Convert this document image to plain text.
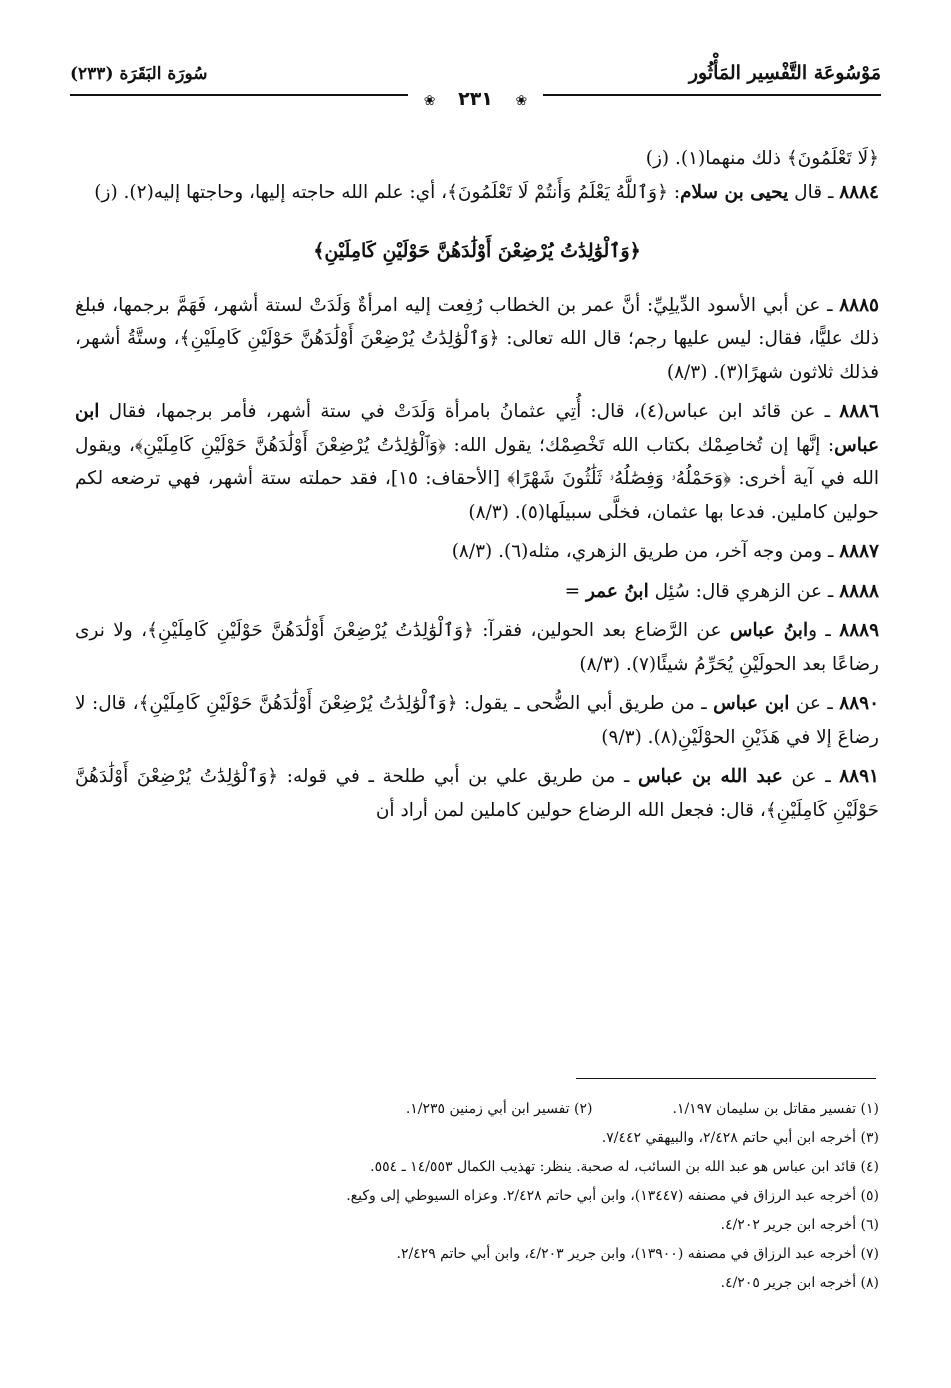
مَوْسُوعَة التَّفْسِير المَأْثُور
سُورَة البَقَرَة
(٢٣٣)
❀ ٢٣١ ❀

﴿لَا تَعْلَمُونَ﴾ ذلك منهما(١). (ز)

٨٨٨٤ ـ قال يحيى بن سلام: ﴿وَٱللَّهُ يَعْلَمُ وَأَنتُمْ لَا تَعْلَمُونَ﴾، أي: علم الله حاجته إليها، وحاجتها إليه(٢). (ز)

﴿وَٱلْوَٰلِدَٰتُ يُرْضِعْنَ أَوْلَٰدَهُنَّ حَوْلَيْنِ كَامِلَيْنِ﴾

٨٨٨٥ ـ عن أبي الأسود الدِّيلِيِّ: أنَّ عمر بن الخطاب رُفِعت إليه امرأةٌ وَلَدَتْ لستة أشهر، فَهَمَّ برجمها، فبلغ ذلك عليًّا، فقال: ليس عليها رجم؛ قال الله تعالى: ﴿وَٱلْوَٰلِدَٰتُ يُرْضِعْنَ أَوْلَٰدَهُنَّ حَوْلَيْنِ كَامِلَيْنِ﴾، وستَّةُ أشهر، فذلك ثلاثون شهرًا(٣). (٨/٣)

٨٨٨٦ ـ عن قائد ابن عباس(٤)، قال: أُتِي عثمانُ بامرأة وَلَدَتْ في ستة أشهر، فأمر برجمها، فقال ابن عباس: إنَّها إن تُخاصِمْك بكتاب الله تَخْصِمْك؛ يقول الله: ﴿وَٱلْوَٰلِدَٰتُ يُرْضِعْنَ أَوْلَٰدَهُنَّ حَوْلَيْنِ كَامِلَيْنِ﴾، ويقول الله في آية أخرى: ﴿وَحَمْلُهُۥ وَفِصَٰلُهُۥ ثَلَٰثُونَ شَهْرًا﴾ [الأحقاف: ١٥]، فقد حملته ستة أشهر، فهي ترضعه لكم حولين كاملين. فدعا بها عثمان، فخلَّى سبيلَها(٥). (٨/٣)

٨٨٨٧ ـ ومن وجه آخر، من طريق الزهري، مثله(٦). (٨/٣)

٨٨٨٨ ـ عن الزهري قال: سُئِل ابنُ عمر =

٨٨٨٩ ـ وابنُ عباس عن الرَّضاع بعد الحولين، فقرآ: ﴿وَٱلْوَٰلِدَٰتُ يُرْضِعْنَ أَوْلَٰدَهُنَّ حَوْلَيْنِ كَامِلَيْنِ﴾، ولا نرى رضاعًا بعد الحولَيْنِ يُحَرِّمُ شيئًا(٧). (٨/٣)

٨٨٩٠ ـ عن ابن عباس ـ من طريق أبي الضُّحى ـ يقول: ﴿وَٱلْوَٰلِدَٰتُ يُرْضِعْنَ أَوْلَٰدَهُنَّ حَوْلَيْنِ كَامِلَيْنِ﴾، قال: لا رضاعَ إلا في هَذَيْنِ الحوْلَيْنِ(٨). (٩/٣)

٨٨٩١ ـ عن عبد الله بن عباس ـ من طريق علي بن أبي طلحة ـ في قوله: ﴿وَٱلْوَٰلِدَٰتُ يُرْضِعْنَ أَوْلَٰدَهُنَّ حَوْلَيْنِ كَامِلَيْنِ﴾، قال: فجعل الله الرضاع حولين كاملين لمن أراد أن

(١) تفسير مقاتل بن سليمان ١/١٩٧.
(٢) تفسير ابن أبي زمنين ١/٢٣٥.
(٣) أخرجه ابن أبي حاتم ٢/٤٢٨، والبيهقي ٧/٤٤٢.
(٤) قائد ابن عباس هو عبد الله بن السائب، له صحبة. ينظر: تهذيب الكمال ١٤/٥٥٣ ـ ٥٥٤.
(٥) أخرجه عبد الرزاق في مصنفه (١٣٤٤٧)، وابن أبي حاتم ٢/٤٢٨. وعزاه السيوطي إلى وكيع.
(٦) أخرجه ابن جرير ٤/٢٠٢.
(٧) أخرجه عبد الرزاق في مصنفه (١٣٩٠٠)، وابن جرير ٤/٢٠٣، وابن أبي حاتم ٢/٤٢٩.
(٨) أخرجه ابن جرير ٤/٢٠٥.
